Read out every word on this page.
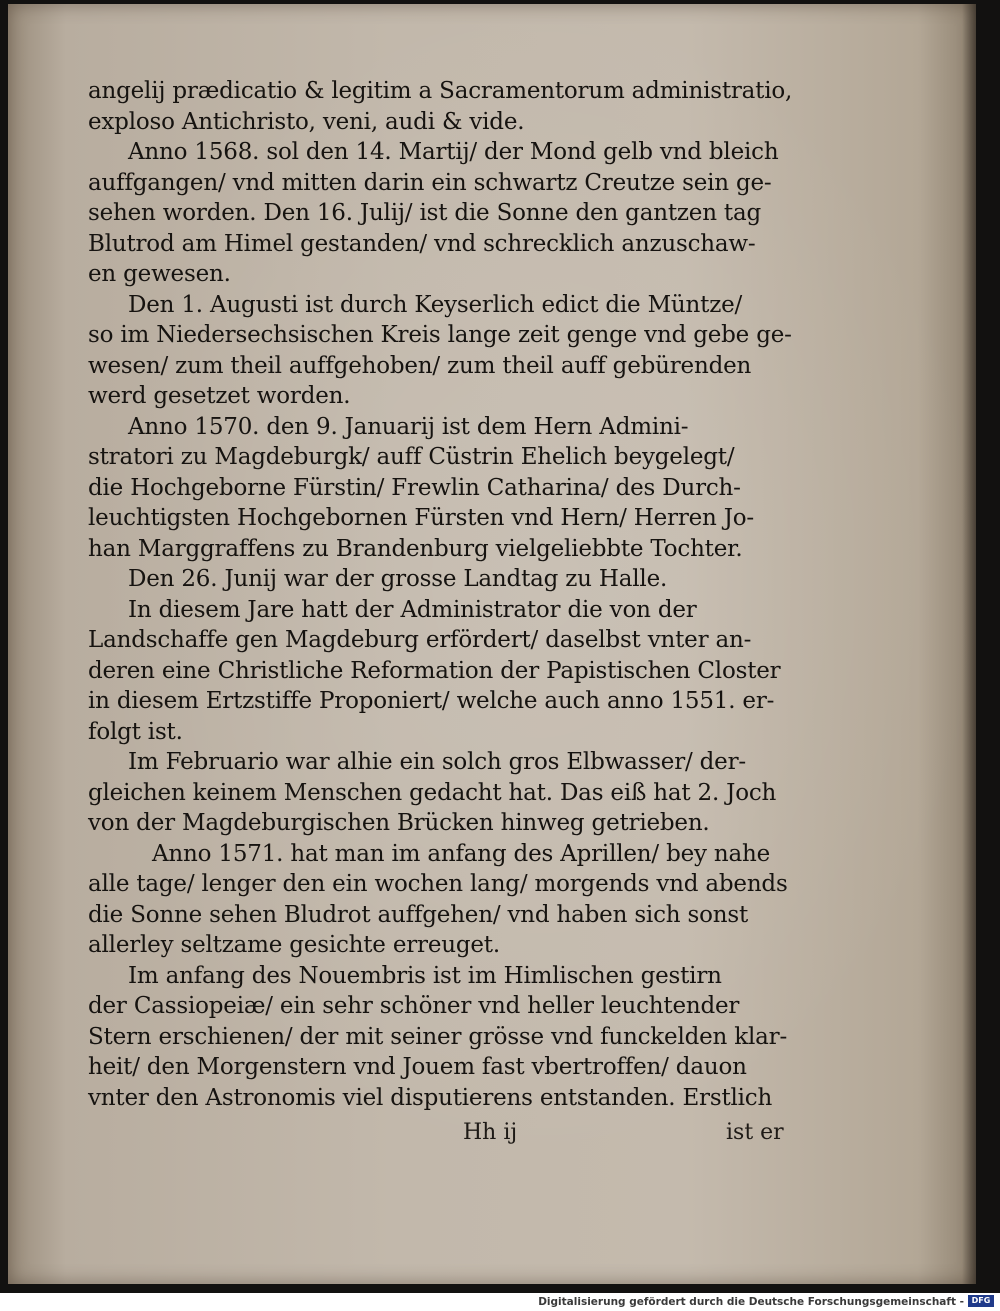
angelij prædicatio & legitim a Sacramentorum administratio,
exploso Antichristo, veni, audi & vide.
Anno 1568. sol den 14. Martij/ der Mond gelb vnd bleich
auffgangen/ vnd mitten darin ein schwartz Creutze sein ge-
sehen worden. Den 16. Julij/ ist die Sonne den gantzen tag
Blutrod am Himel gestanden/ vnd schrecklich anzuschaw-
en gewesen.
Den 1. Augusti ist durch Keyserlich edict die Müntze/
so im Niedersechsischen Kreis lange zeit genge vnd gebe ge-
wesen/ zum theil auffgehoben/ zum theil auff gebürenden
werd gesetzet worden.
Anno 1570. den 9. Januarij ist dem Hern Admini-
stratori zu Magdeburgk/ auff Cüstrin Ehelich beygelegt/
die Hochgeborne Fürstin/ Frewlin Catharina/ des Durch-
leuchtigsten Hochgebornen Fürsten vnd Hern/ Herren Jo-
han Marggraffens zu Brandenburg vielgeliebbte Tochter.
Den 26. Junij war der grosse Landtag zu Halle.
In diesem Jare hatt der Administrator die von der
Landschaffe gen Magdeburg erfördert/ daselbst vnter an-
deren eine Christliche Reformation der Papistischen Closter
in diesem Ertzstiffe Proponiert/ welche auch anno 1551. er-
folgt ist.
Im Februario war alhie ein solch gros Elbwasser/ der-
gleichen keinem Menschen gedacht hat. Das eiß hat 2. Joch
von der Magdeburgischen Brücken hinweg getrieben.
Anno 1571. hat man im anfang des Aprillen/ bey nahe
alle tage/ lenger den ein wochen lang/ morgends vnd abends
die Sonne sehen Bludrot auffgehen/ vnd haben sich sonst
allerley seltzame gesichte erreuget.
Im anfang des Nouembris ist im Himlischen gestirn
der Cassiopeiæ/ ein sehr schöner vnd heller leuchtender
Stern erschienen/ der mit seiner grösse vnd funckelden klar-
heit/ den Morgenstern vnd Jouem fast vbertroffen/ dauon
vnter den Astronomis viel disputierens entstanden. Erstlich
Hh ij	ist er
Digitalisierung gefördert durch die Deutsche Forschungsgemeinschaft - DFG
